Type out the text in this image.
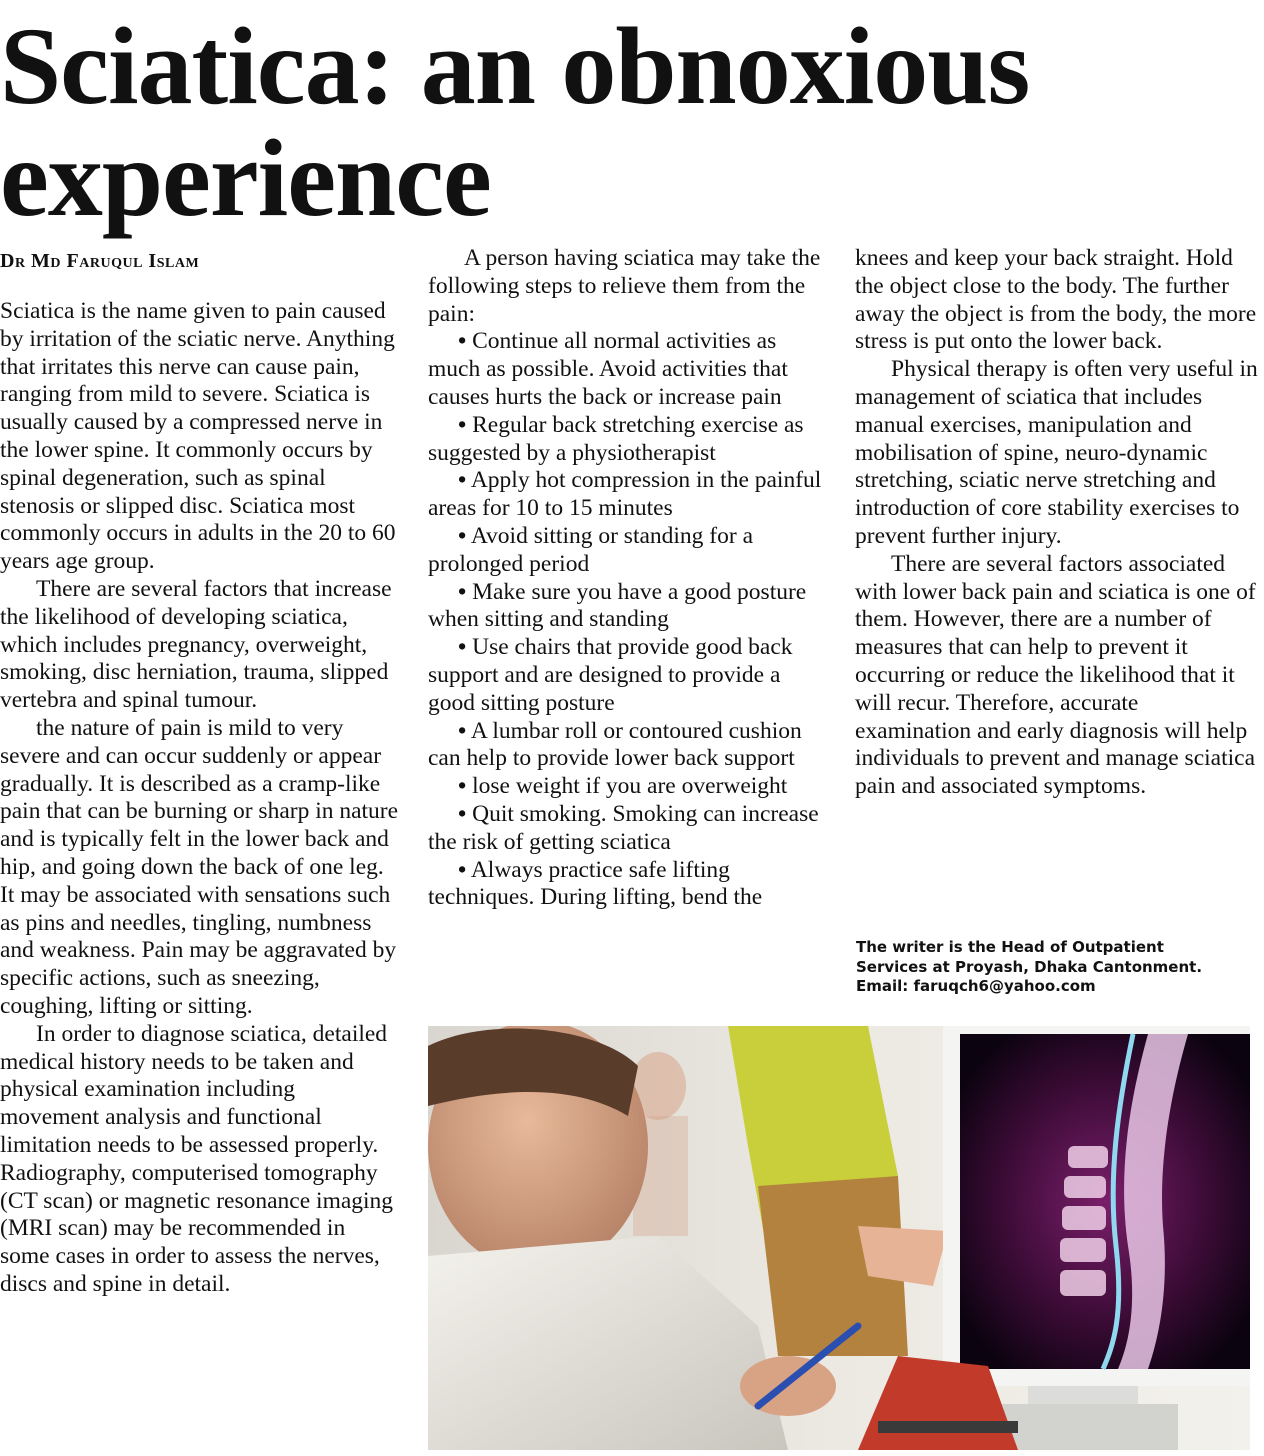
Sciatica: an obnoxious
experience
Dr Md Faruqul Islam

Sciatica is the name given to pain caused by irritation of the sciatic nerve. Anything that irritates this nerve can cause pain, ranging from mild to severe. Sciatica is usually caused by a compressed nerve in the lower spine. It commonly occurs by spinal degeneration, such as spinal stenosis or slipped disc. Sciatica most commonly occurs in adults in the 20 to 60 years age group.

There are several factors that increase the likelihood of developing sciatica, which includes pregnancy, overweight, smoking, disc herniation, trauma, slipped vertebra and spinal tumour.

the nature of pain is mild to very severe and can occur suddenly or appear gradually. It is described as a cramp-like pain that can be burning or sharp in nature and is typically felt in the lower back and hip, and going down the back of one leg. It may be associated with sensations such as pins and needles, tingling, numbness and weakness. Pain may be aggravated by specific actions, such as sneezing, coughing, lifting or sitting.

In order to diagnose sciatica, detailed medical history needs to be taken and physical examination including movement analysis and functional limitation needs to be assessed properly. Radiography, computerised tomography (CT scan) or magnetic resonance imaging (MRI scan) may be recommended in some cases in order to assess the nerves, discs and spine in detail.

A person having sciatica may take the following steps to relieve them from the pain:

• Continue all normal activities as much as possible. Avoid activities that causes hurts the back or increase pain

• Regular back stretching exercise as suggested by a physiotherapist

• Apply hot compression in the painful areas for 10 to 15 minutes

• Avoid sitting or standing for a prolonged period

• Make sure you have a good posture when sitting and standing

• Use chairs that provide good back support and are designed to provide a good sitting posture

• A lumbar roll or contoured cushion can help to provide lower back support

• lose weight if you are overweight

• Quit smoking. Smoking can increase the risk of getting sciatica

• Always practice safe lifting techniques. During lifting, bend the

knees and keep your back straight. Hold the object close to the body. The further away the object is from the body, the more stress is put onto the lower back.

Physical therapy is often very useful in management of sciatica that includes manual exercises, manipulation and mobilisation of spine, neuro-dynamic stretching, sciatic nerve stretching and introduction of core stability exercises to prevent further injury.

There are several factors associated with lower back pain and sciatica is one of them. However, there are a number of measures that can help to prevent it occurring or reduce the likelihood that it will recur. Therefore, accurate examination and early diagnosis will help individuals to prevent and manage sciatica pain and associated symptoms.

The writer is the Head of Outpatient
Services at Proyash, Dhaka Cantonment.
Email: faruqch6@yahoo.com
